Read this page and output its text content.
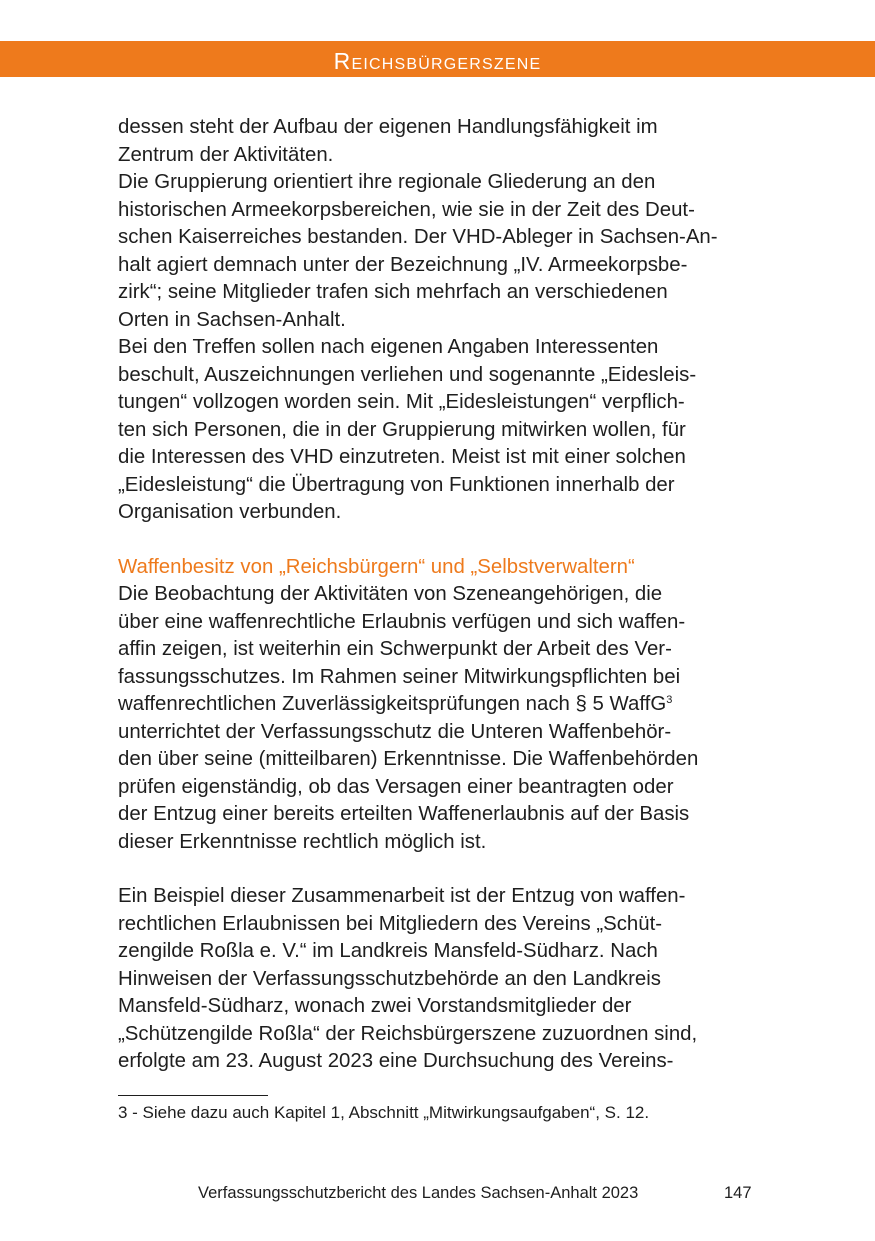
Reichsbürgerszene

dessen steht der Aufbau der eigenen Handlungsfähigkeit im

Zentrum der Aktivitäten.

Die Gruppierung orientiert ihre regionale Gliederung an den

historischen Armeekorpsbereichen, wie sie in der Zeit des Deut-

schen Kaiserreiches bestanden. Der VHD-Ableger in Sachsen-An-

halt agiert demnach unter der Bezeichnung „IV. Armeekorpsbe-

zirk“; seine Mitglieder trafen sich mehrfach an verschiedenen

Orten in Sachsen-Anhalt.

Bei den Treffen sollen nach eigenen Angaben Interessenten

beschult, Auszeichnungen verliehen und sogenannte „Eidesleis-

tungen“ vollzogen worden sein. Mit „Eidesleistungen“ verpflich-

ten sich Personen, die in der Gruppierung mitwirken wollen, für

die Interessen des VHD einzutreten. Meist ist mit einer solchen

„Eidesleistung“ die Übertragung von Funktionen innerhalb der

Organisation verbunden.

Waffenbesitz von „Reichsbürgern“ und „Selbstverwaltern“

Die Beobachtung der Aktivitäten von Szeneangehörigen, die

über eine waffenrechtliche Erlaubnis verfügen und sich waffen-

affin zeigen, ist weiterhin ein Schwerpunkt der Arbeit des Ver-

fassungsschutzes. Im Rahmen seiner Mitwirkungspflichten bei

waffenrechtlichen Zuverlässigkeitsprüfungen nach § 5 WaffG$^3$

unterrichtet der Verfassungsschutz die Unteren Waffenbehör-

den über seine (mitteilbaren) Erkenntnisse. Die Waffenbehörden

prüfen eigenständig, ob das Versagen einer beantragten oder

der Entzug einer bereits erteilten Waffenerlaubnis auf der Basis

dieser Erkenntnisse rechtlich möglich ist.

Ein Beispiel dieser Zusammenarbeit ist der Entzug von waffen-

rechtlichen Erlaubnissen bei Mitgliedern des Vereins „Schüt-

zengilde Roßla e. V.“ im Landkreis Mansfeld-Südharz. Nach

Hinweisen der Verfassungsschutzbehörde an den Landkreis

Mansfeld-Südharz, wonach zwei Vorstandsmitglieder der

„Schützengilde Roßla“ der Reichsbürgerszene zuzuordnen sind,

erfolgte am 23. August 2023 eine Durchsuchung des Vereins-

3 - Siehe dazu auch Kapitel 1, Abschnitt „Mitwirkungsaufgaben“, S. 12.
Verfassungsschutzbericht des Landes Sachsen-Anhalt 2023	147
